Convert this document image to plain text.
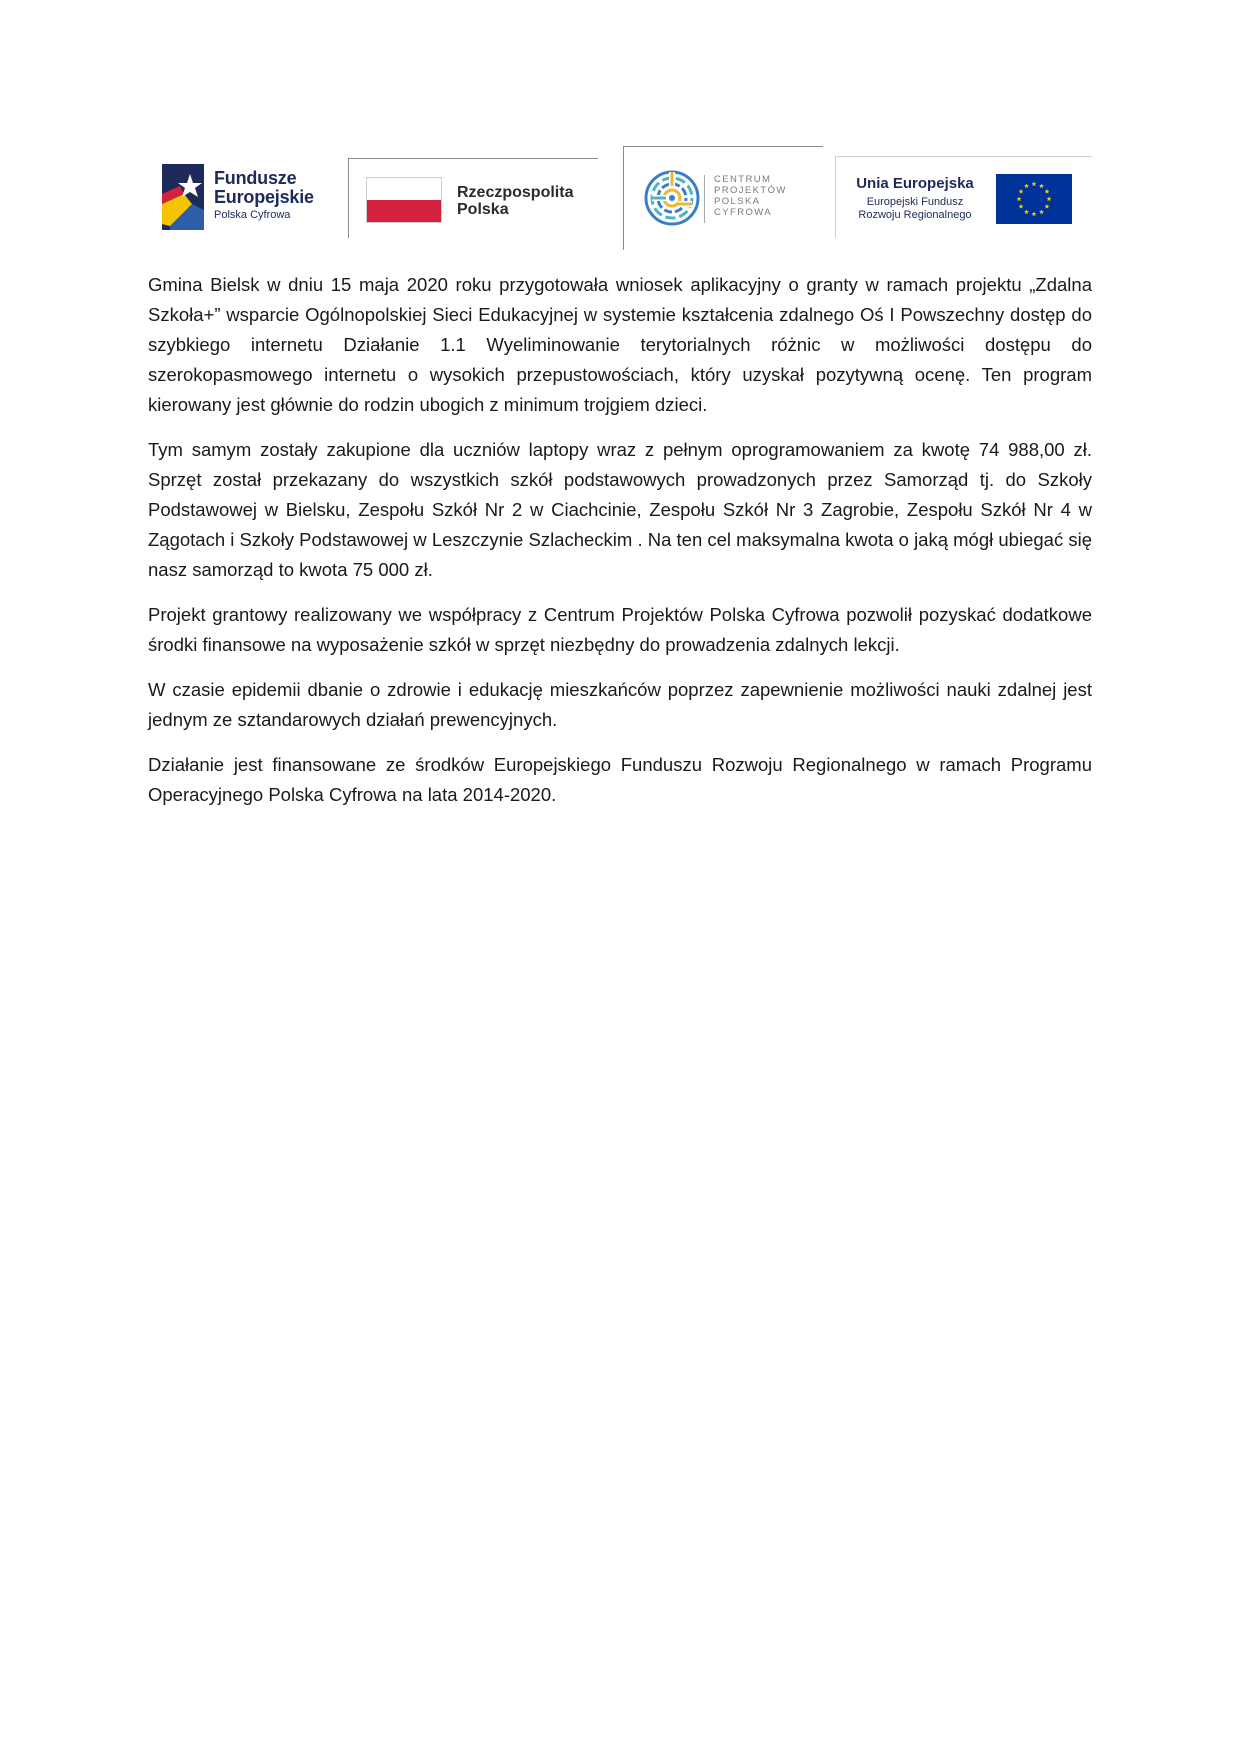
Fundusze
Europejskie
Polska Cyfrowa
Rzeczpospolita
Polska
CENTRUM
PROJEKTÓW
POLSKA
CYFROWA
Unia Europejska
Europejski Fundusz
Rozwoju Regionalnego

Gmina Bielsk w dniu 15 maja 2020 roku przygotowała wniosek aplikacyjny o granty w ramach projektu „Zdalna Szkoła+” wsparcie Ogólnopolskiej Sieci Edukacyjnej w systemie kształcenia zdalnego Oś I Powszechny dostęp do szybkiego internetu Działanie 1.1 Wyeliminowanie terytorialnych różnic w możliwości dostępu do szerokopasmowego internetu o wysokich przepustowościach, który uzyskał pozytywną ocenę. Ten program kierowany jest głównie do rodzin ubogich z minimum trojgiem dzieci.

Tym samym zostały zakupione dla uczniów laptopy wraz z pełnym oprogramowaniem za kwotę 74 988,00 zł. Sprzęt został przekazany do wszystkich szkół podstawowych prowadzonych przez Samorząd tj. do Szkoły Podstawowej w Bielsku, Zespołu Szkół Nr 2 w Ciachcinie, Zespołu Szkół Nr 3 Zagrobie, Zespołu Szkół Nr 4 w Zągotach i Szkoły Podstawowej w Leszczynie Szlacheckim . Na ten cel maksymalna kwota o jaką mógł ubiegać się nasz samorząd to kwota 75 000 zł.

Projekt grantowy realizowany we współpracy z Centrum Projektów Polska Cyfrowa pozwolił pozyskać dodatkowe środki finansowe na wyposażenie szkół w sprzęt niezbędny do prowadzenia zdalnych lekcji.

W czasie epidemii dbanie o zdrowie i edukację mieszkańców poprzez zapewnienie możliwości nauki zdalnej jest jednym ze sztandarowych działań prewencyjnych.

Działanie jest finansowane ze środków Europejskiego Funduszu Rozwoju Regionalnego w ramach Programu Operacyjnego Polska Cyfrowa na lata 2014-2020.
